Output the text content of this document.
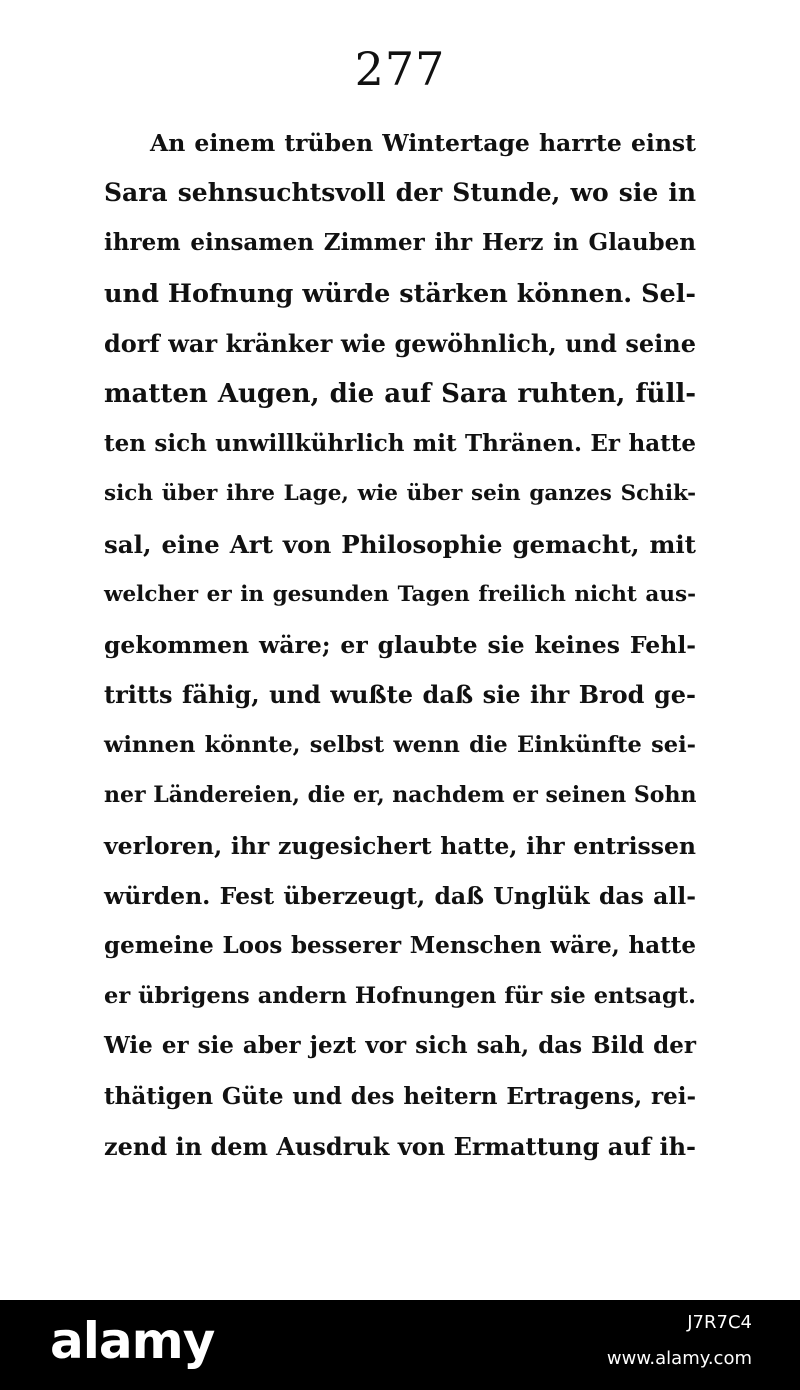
277
An einem trüben Wintertage harrte einst
Sara sehnsuchtsvoll der Stunde, wo sie in
ihrem einsamen Zimmer ihr Herz in Glauben
und Hofnung würde stärken können. Sel-
dorf war kränker wie gewöhnlich, und seine
matten Augen, die auf Sara ruhten, füll-
ten sich unwillkührlich mit Thränen. Er hatte
sich über ihre Lage, wie über sein ganzes Schik-
sal, eine Art von Philosophie gemacht, mit
welcher er in gesunden Tagen freilich nicht aus-
gekommen wäre; er glaubte sie keines Fehl-
tritts fähig, und wußte daß sie ihr Brod ge-
winnen könnte, selbst wenn die Einkünfte sei-
ner Ländereien, die er, nachdem er seinen Sohn
verloren, ihr zugesichert hatte, ihr entrissen
würden. Fest überzeugt, daß Unglük das all-
gemeine Loos besserer Menschen wäre, hatte
er übrigens andern Hofnungen für sie entsagt.
Wie er sie aber jezt vor sich sah, das Bild der
thätigen Güte und des heitern Ertragens, rei-
zend in dem Ausdruk von Ermattung auf ih-
alamy	J7R7C4
www.alamy.com
